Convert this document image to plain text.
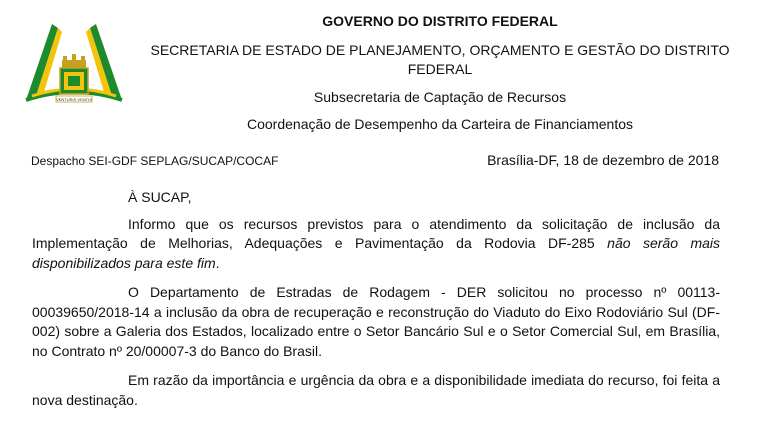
VENTURIS VENTIS
GOVERNO DO DISTRITO FEDERAL
SECRETARIA DE ESTADO DE PLANEJAMENTO, ORÇAMENTO E GESTÃO DO DISTRITO
FEDERAL
Subsecretaria de Captação de Recursos
Coordenação de Desempenho da Carteira de Financiamentos
Despacho SEI-GDF SEPLAG/SUCAP/COCAF	Brasília-DF, 18 de dezembro de 2018

À SUCAP,

Informo que os recursos previstos para o atendimento da solicitação de inclusão da Implementação de Melhorias, Adequações e Pavimentação da Rodovia DF-285 não serão mais disponibilizados para este fim.

O Departamento de Estradas de Rodagem - DER solicitou no processo nº 00113-00039650/2018-14 a inclusão da obra de recuperação e reconstrução do Viaduto do Eixo Rodoviário Sul (DF-002) sobre a Galeria dos Estados, localizado entre o Setor Bancário Sul e o Setor Comercial Sul, em Brasília, no Contrato nº 20/00007-3 do Banco do Brasil.

Em razão da importância e urgência da obra e a disponibilidade imediata do recurso, foi feita a nova destinação.
